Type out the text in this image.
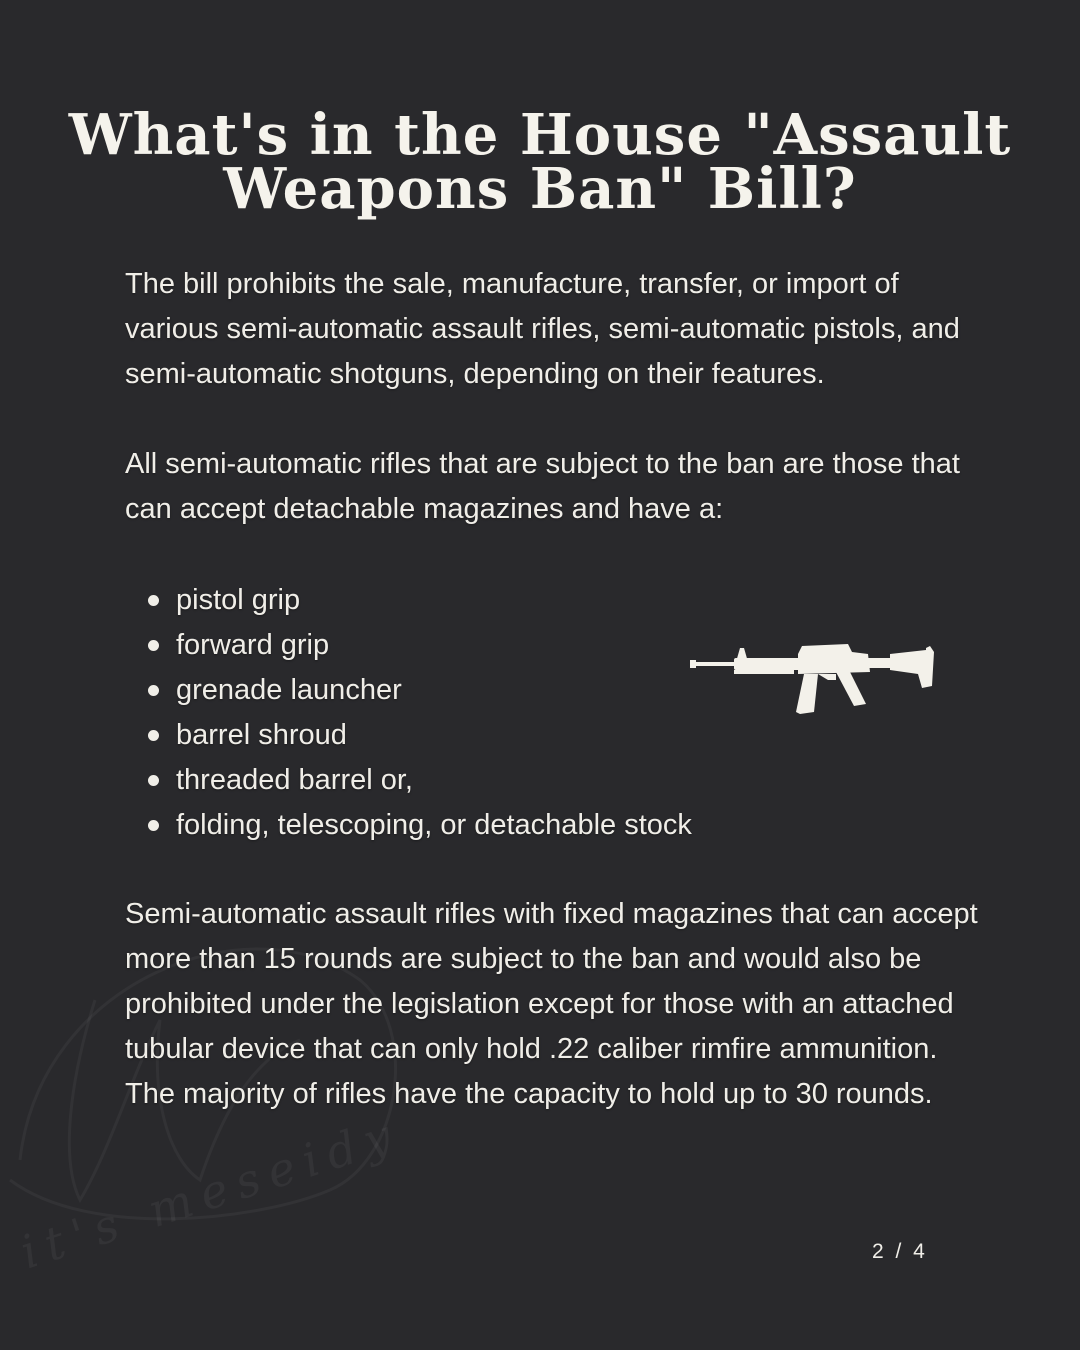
it's meseidy
What's in the House "Assault Weapons Ban" Bill?

The bill prohibits the sale, manufacture, transfer, or import of various semi-automatic assault rifles, semi-automatic pistols, and semi-automatic shotguns, depending on their features.

All semi-automatic rifles that are subject to the ban are those that can accept detachable magazines and have a:

pistol grip
forward grip
grenade launcher
barrel shroud
threaded barrel or,
folding, telescoping, or detachable stock

Semi-automatic assault rifles with fixed magazines that can accept more than 15 rounds are subject to the ban and would also be prohibited under the legislation except for those with an attached tubular device that can only hold .22 caliber rimfire ammunition. The majority of rifles have the capacity to hold up to 30 rounds.

2 / 4
